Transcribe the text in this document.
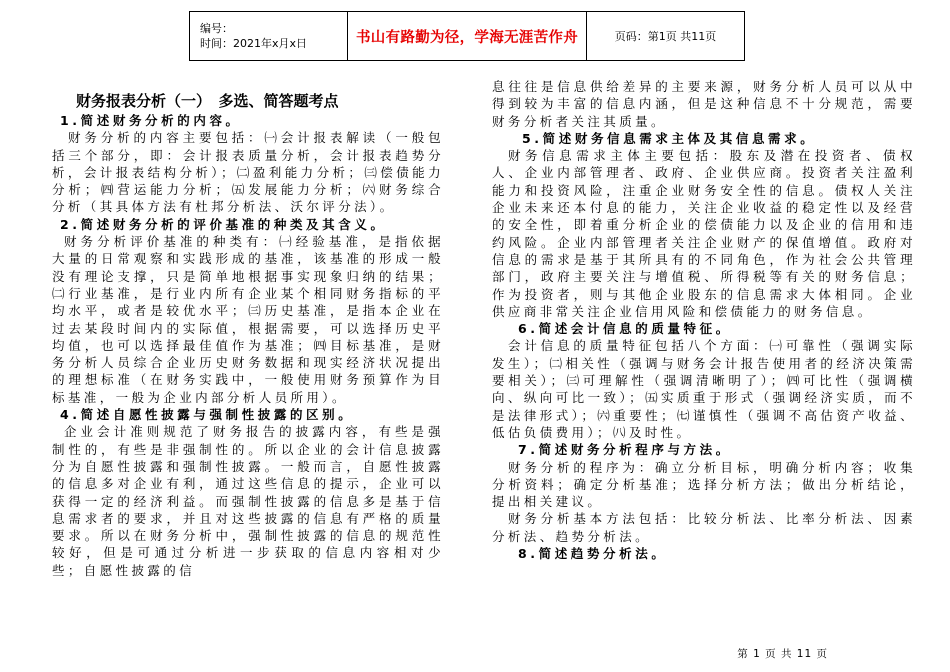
编号：
时间：2021年x月x日	书山有路勤为径，学海无涯苦作舟	页码：第1页 共11页
财务报表分析（一）　多选、简答题考点
1.简述财务分析的内容。

财务分析的内容主要包括：㈠会计报表解读（一般包括三个部分，即：会计报表质量分析，会计报表趋势分析，会计报表结构分析）；㈡盈利能力分析；㈢偿债能力分析；㈣营运能力分析；㈤发展能力分析；㈥财务综合分析（其具体方法有杜邦分析法、沃尔评分法）。

2.简述财务分析的评价基准的种类及其含义。

财务分析评价基准的种类有：㈠经验基准，是指依据大量的日常观察和实践形成的基准，该基准的形成一般没有理论支撑，只是简单地根据事实现象归纳的结果；㈡行业基准，是行业内所有企业某个相同财务指标的平均水平，或者是较优水平；㈢历史基准，是指本企业在过去某段时间内的实际值，根据需要，可以选择历史平均值，也可以选择最佳值作为基准；㈣目标基准，是财务分析人员综合企业历史财务数据和现实经济状况提出的理想标准（在财务实践中，一般使用财务预算作为目标基准，一般为企业内部分析人员所用）。

4.简述自愿性披露与强制性披露的区别。

企业会计准则规范了财务报告的披露内容，有些是强制性的，有些是非强制性的。所以企业的会计信息披露分为自愿性披露和强制性披露。一般而言，自愿性披露的信息多对企业有利，通过这些信息的提示，企业可以获得一定的经济利益。而强制性披露的信息多是基于信息需求者的要求，并且对这些披露的信息有严格的质量要求。所以在财务分析中，强制性披露的信息的规范性较好，但是可通过分析进一步获取的信息内容相对少些；自愿性披露的信

息往往是信息供给差异的主要来源，财务分析人员可以从中得到较为丰富的信息内涵，但是这种信息不十分规范，需要财务分析者关注其质量。

5.简述财务信息需求主体及其信息需求。

财务信息需求主体主要包括：股东及潜在投资者、债权人、企业内部管理者、政府、企业供应商。投资者关注盈利能力和投资风险，注重企业财务安全性的信息。债权人关注企业未来还本付息的能力，关注企业收益的稳定性以及经营的安全性，即着重分析企业的偿债能力以及企业的信用和违约风险。企业内部管理者关注企业财产的保值增值。政府对信息的需求是基于其所具有的不同角色，作为社会公共管理部门，政府主要关注与增值税、所得税等有关的财务信息；作为投资者，则与其他企业股东的信息需求大体相同。企业供应商非常关注企业信用风险和偿债能力的财务信息。

6.简述会计信息的质量特征。

会计信息的质量特征包括八个方面：㈠可靠性（强调实际发生）；㈡相关性（强调与财务会计报告使用者的经济决策需要相关）；㈢可理解性（强调清晰明了）；㈣可比性（强调横向、纵向可比一致）；㈤实质重于形式（强调经济实质，而不是法律形式）；㈥重要性；㈦谨慎性（强调不高估资产收益、低估负债费用）；㈧及时性。

7.简述财务分析程序与方法。

财务分析的程序为：确立分析目标，明确分析内容；收集分析资料；确定分析基准；选择分析方法；做出分析结论，提出相关建议。

财务分析基本方法包括：比较分析法、比率分析法、因素分析法、趋势分析法。

8.简述趋势分析法。
第 1 页 共 11 页
